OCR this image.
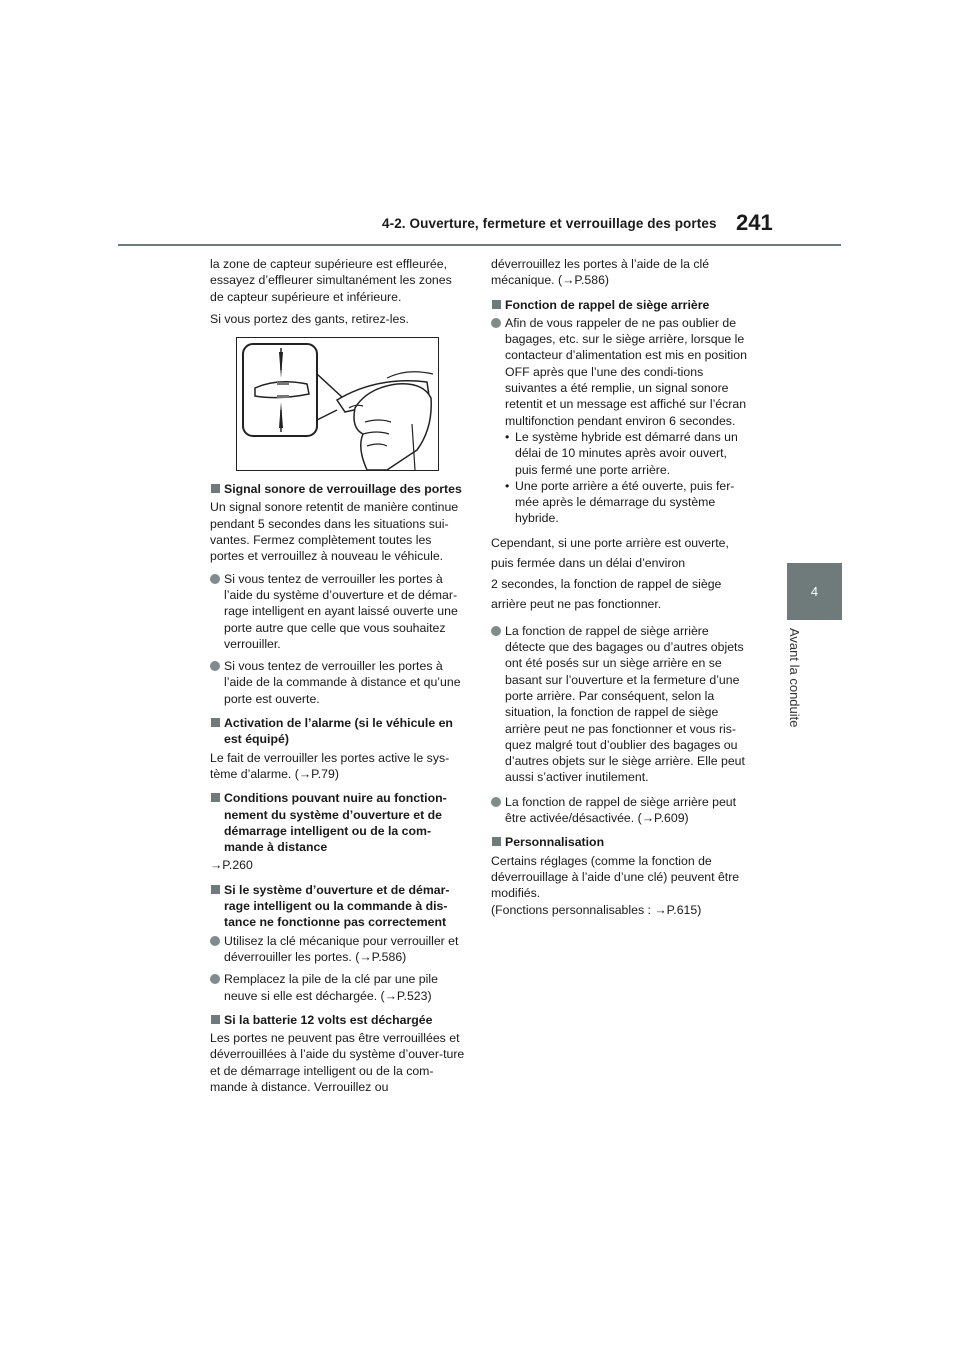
4-2. Ouverture, fermeture et verrouillage des portes 241
4
Avant la conduite

la zone de capteur supérieure est effleurée, essayez d’effleurer simultanément les zones de capteur supérieure et inférieure.

Si vous portez des gants, retirez-les.

Signal sonore de verrouillage des portes

Un signal sonore retentit de manière continue pendant 5 secondes dans les situations sui-vantes. Fermez complètement toutes les portes et verrouillez à nouveau le véhicule.

Si vous tentez de verrouiller les portes à l’aide du système d’ouverture et de démar-rage intelligent en ayant laissé ouverte une porte autre que celle que vous souhaitez verrouiller.
Si vous tentez de verrouiller les portes à l’aide de la commande à distance et qu’une porte est ouverte.
Activation de l’alarme (si le véhicule en est équipé)

Le fait de verrouiller les portes active le sys-tème d’alarme. (→P.79)

Conditions pouvant nuire au fonction-nement du système d’ouverture et de démarrage intelligent ou de la com-mande à distance

→P.260

Si le système d’ouverture et de démar-rage intelligent ou la commande à dis-tance ne fonctionne pas correctement
Utilisez la clé mécanique pour verrouiller et déverrouiller les portes. (→P.586)
Remplacez la pile de la clé par une pile neuve si elle est déchargée. (→P.523)
Si la batterie 12 volts est déchargée

Les portes ne peuvent pas être verrouillées et déverrouillées à l’aide du système d’ouver-ture et de démarrage intelligent ou de la com-mande à distance. Verrouillez ou

déverrouillez les portes à l’aide de la clé mécanique. (→P.586)

Fonction de rappel de siège arrière
Afin de vous rappeler de ne pas oublier de bagages, etc. sur le siège arrière, lorsque le contacteur d’alimentation est mis en position OFF après que l’une des condi-tions suivantes a été remplie, un signal sonore retentit et un message est affiché sur l’écran multifonction pendant environ 6 secondes.
• Le système hybride est démarré dans un délai de 10 minutes après avoir ouvert, puis fermé une porte arrière.
• Une porte arrière a été ouverte, puis fer-mée après le démarrage du système hybride.

Cependant, si une porte arrière est ouverte,

puis fermée dans un délai d’environ

2 secondes, la fonction de rappel de siège

arrière peut ne pas fonctionner.

La fonction de rappel de siège arrière détecte que des bagages ou d’autres objets ont été posés sur un siège arrière en se basant sur l’ouverture et la fermeture d’une porte arrière. Par conséquent, selon la situation, la fonction de rappel de siège arrière peut ne pas fonctionner et vous ris-quez malgré tout d’oublier des bagages ou d’autres objets sur le siège arrière. Elle peut aussi s’activer inutilement.
La fonction de rappel de siège arrière peut être activée/désactivée. (→P.609)
Personnalisation

Certains réglages (comme la fonction de déverrouillage à l’aide d’une clé) peuvent être modifiés.

(Fonctions personnalisables : →P.615)
